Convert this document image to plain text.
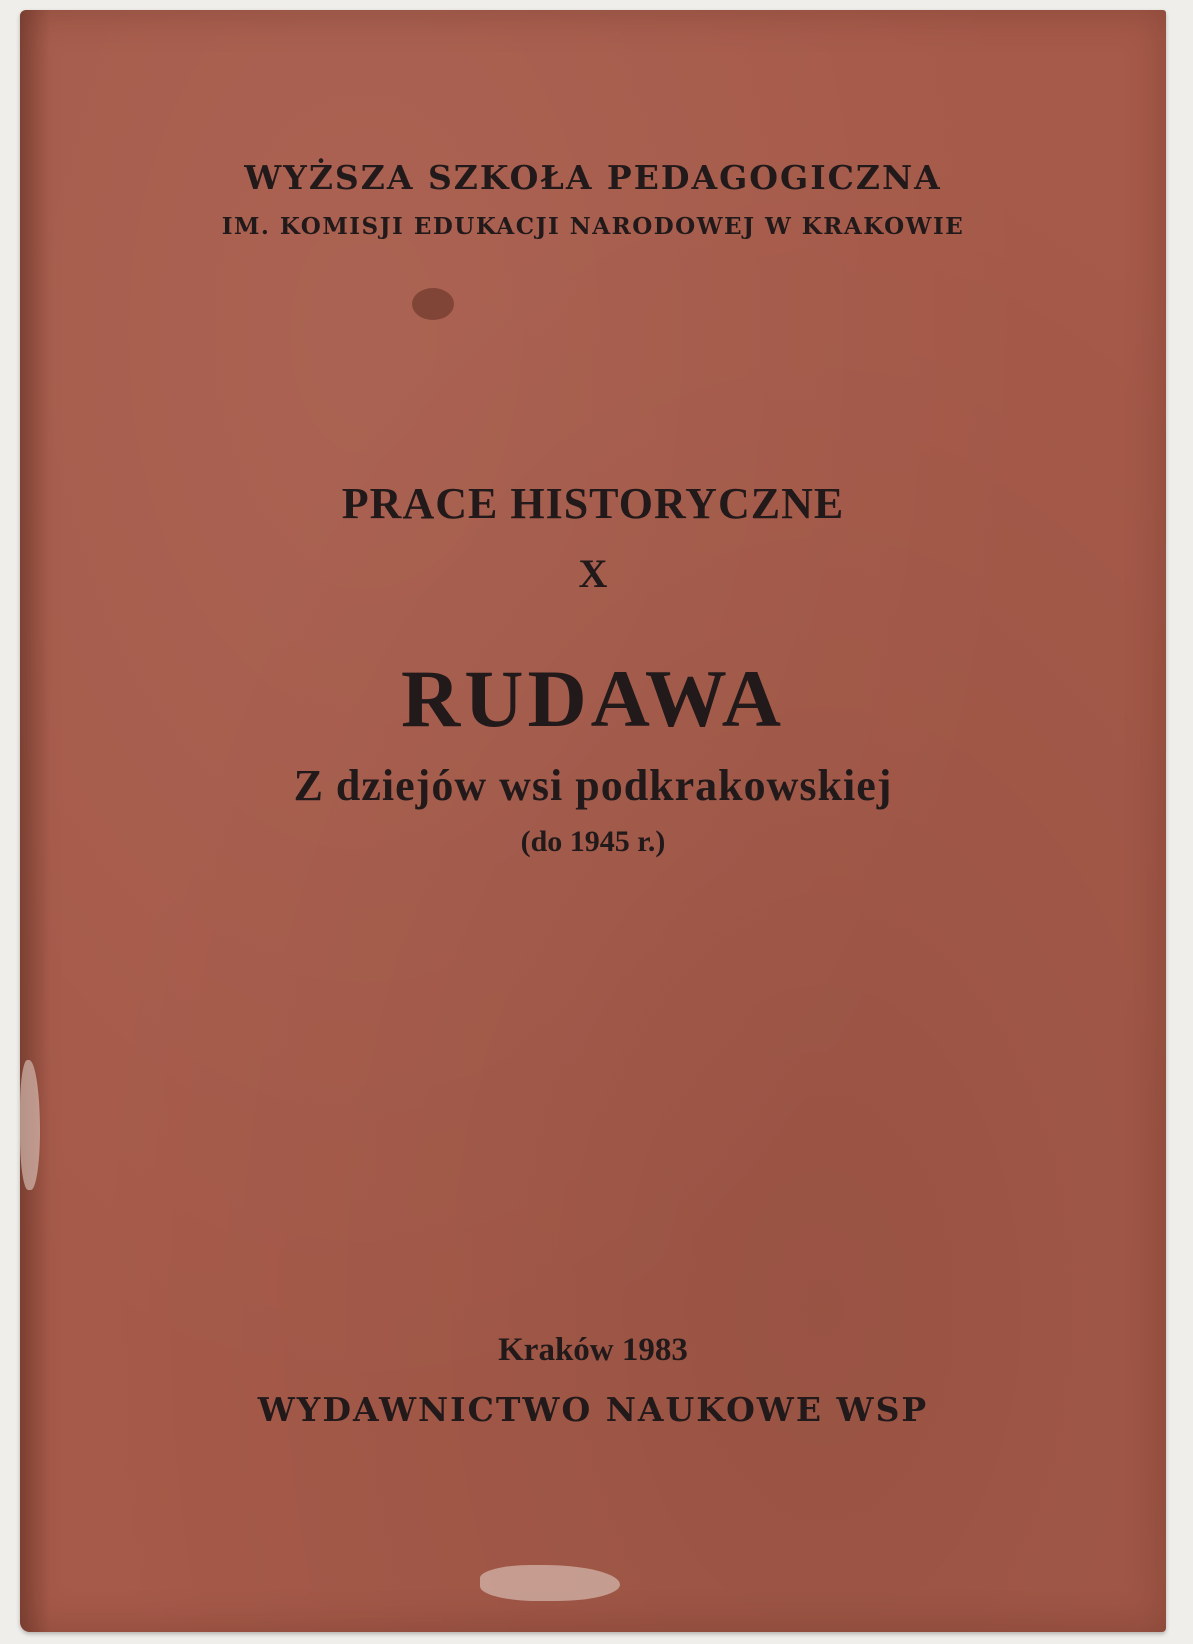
WYŻSZA SZKOŁA PEDAGOGICZNA

IM. KOMISJI EDUKACJI NARODOWEJ W KRAKOWIE

PRACE HISTORYCZNE

X

RUDAWA

Z dziejów wsi podkrakowskiej

(do 1945 r.)

Kraków 1983

WYDAWNICTWO NAUKOWE WSP
